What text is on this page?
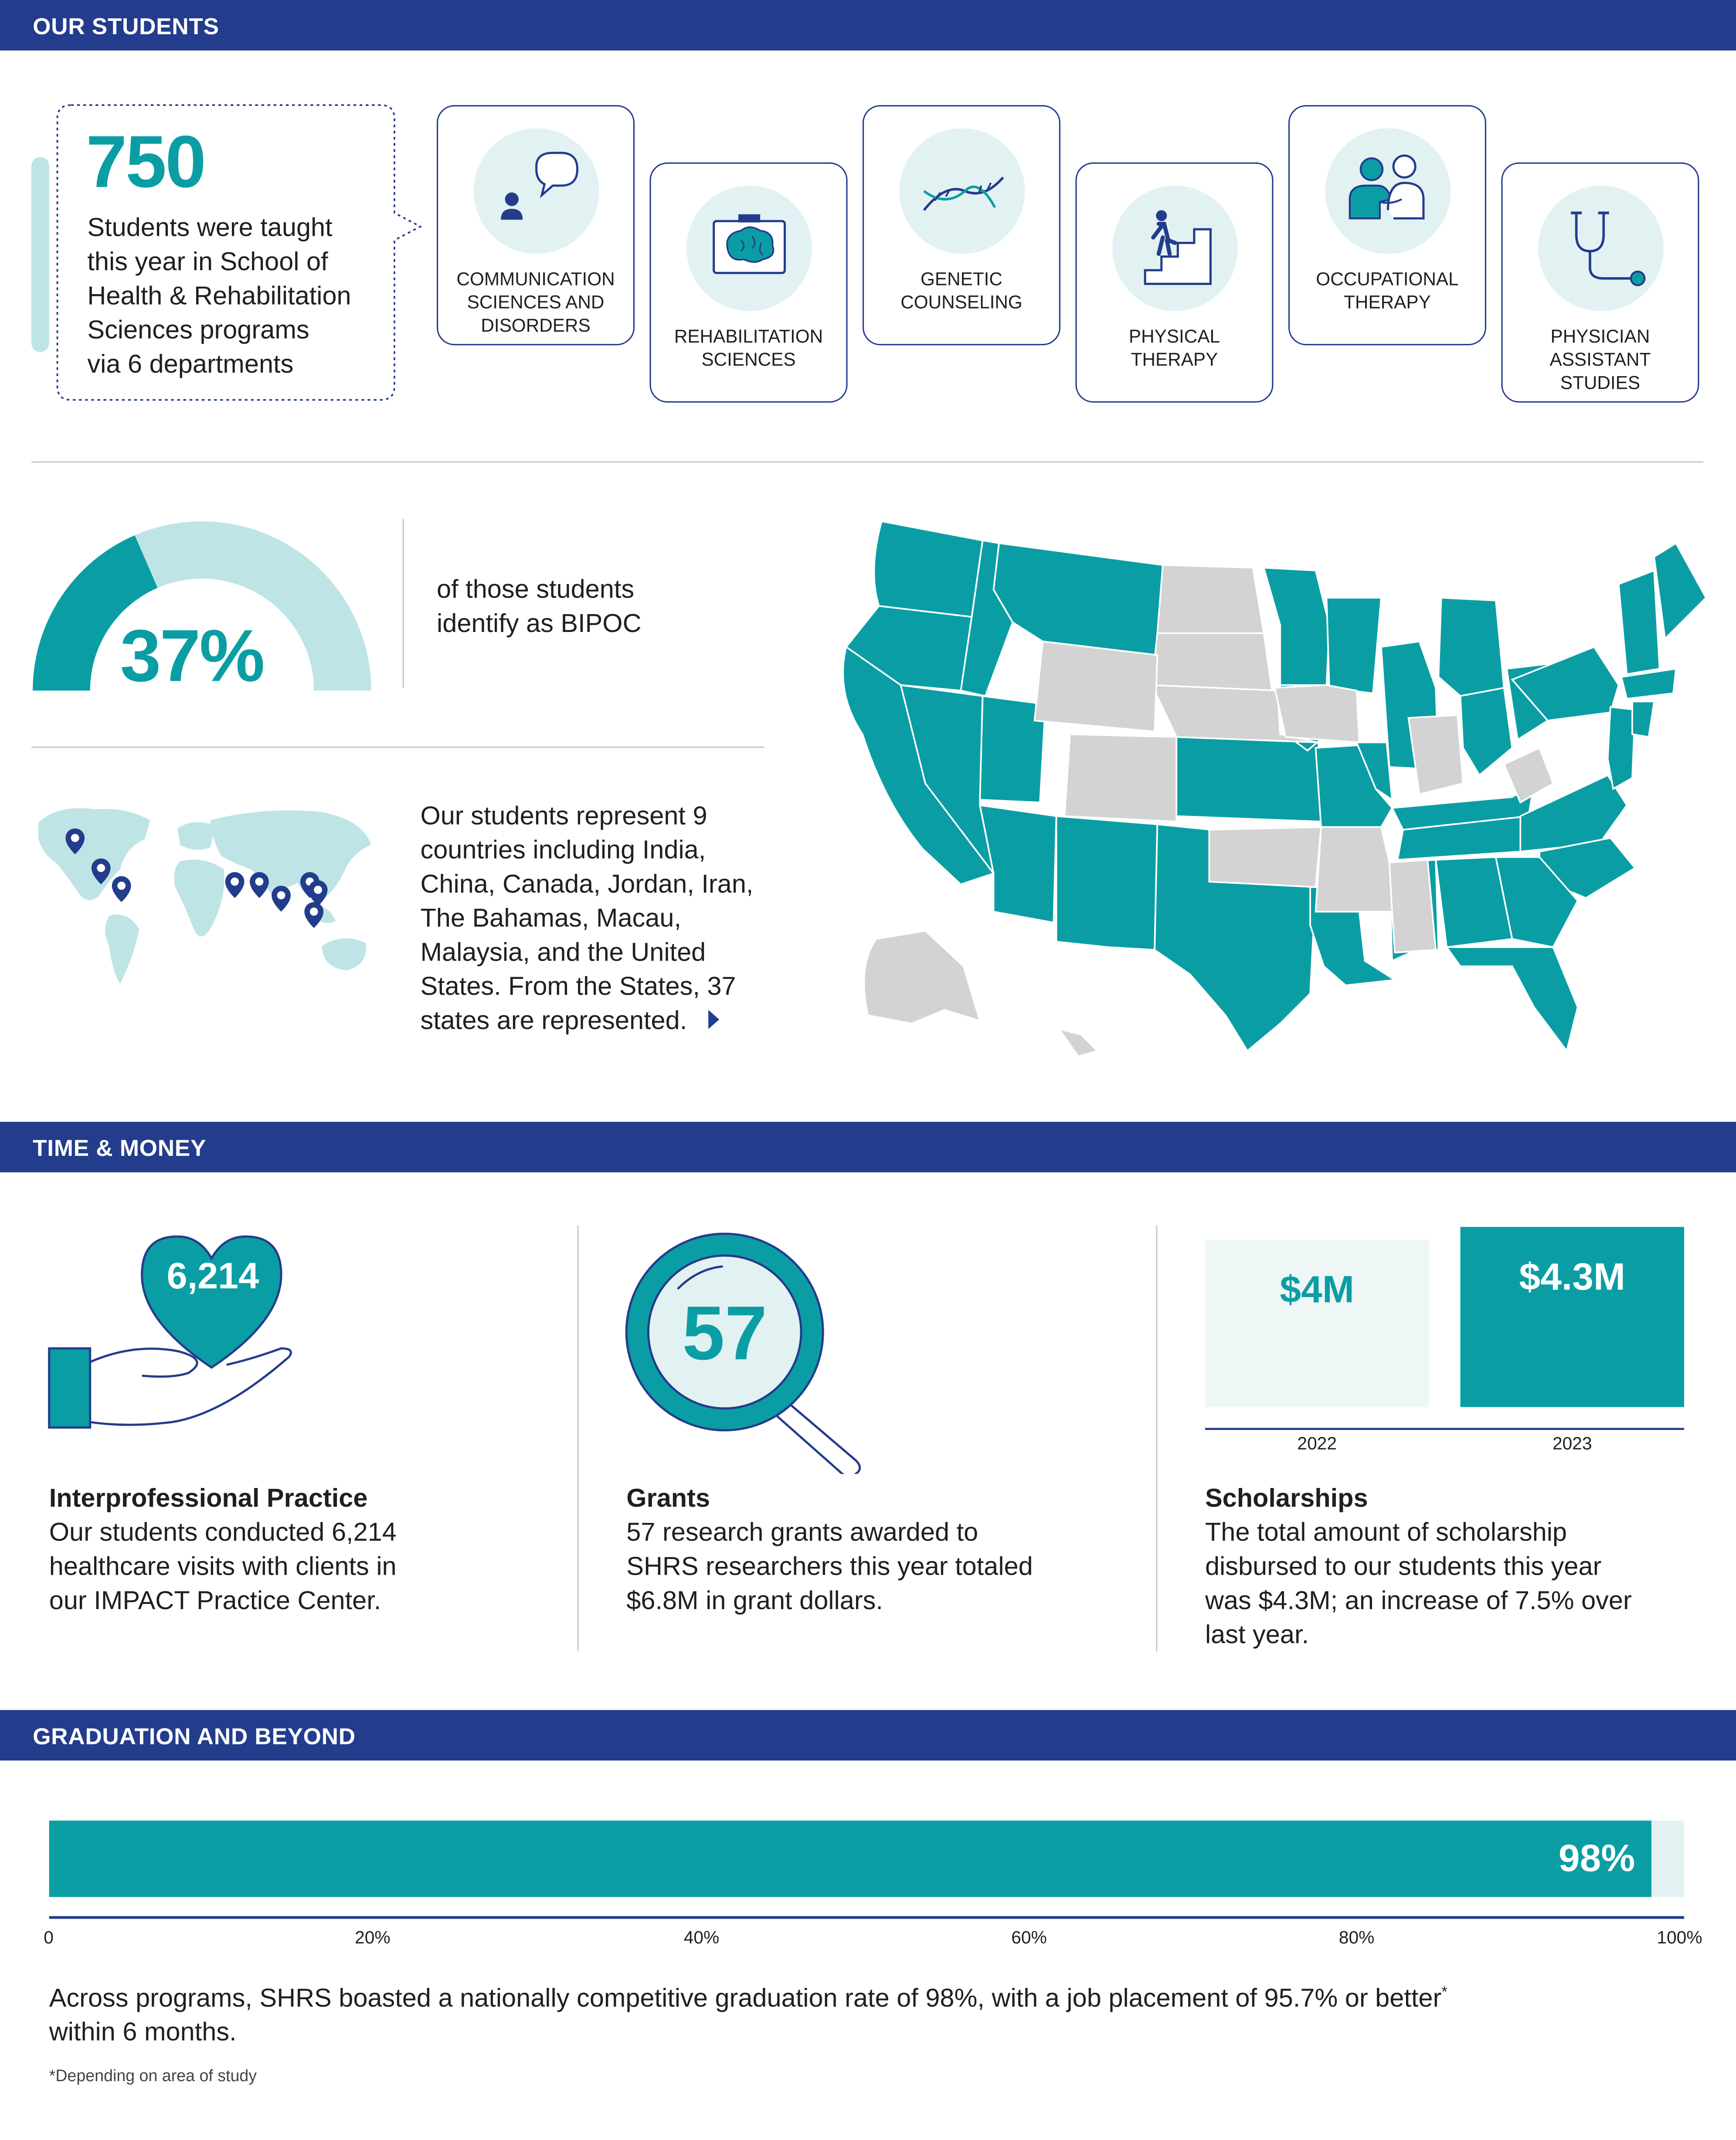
OUR STUDENTS
750
Students were taught
this year in School of
Health & Rehabilitation
Sciences programs
via 6 departments
COMMUNICATION
SCIENCES AND
DISORDERS
REHABILITATION
SCIENCES
GENETIC
COUNSELING
PHYSICAL
THERAPY
OCCUPATIONAL
THERAPY
PHYSICIAN
ASSISTANT
STUDIES
37%
of those students
identify as BIPOC
Our students represent 9
countries including India,
China, Canada, Jordan, Iran,
The Bahamas, Macau,
Malaysia, and the United
States. From the States, 37
states are represented.
TIME & MONEY
6,214
Interprofessional Practice
Our students conducted 6,214
healthcare visits with clients in
our IMPACT Practice Center.
57
Grants
57 research grants awarded to
SHRS researchers this year totaled
$6.8M in grant dollars.
$4M
2022
$4.3M
2023
Scholarships
The total amount of scholarship
disbursed to our students this year
was $4.3M; an increase of 7.5% over
last year.
GRADUATION AND BEYOND
98%
0	20%	40%	60%	80%	100%
Across programs, SHRS boasted a nationally competitive graduation rate of 98%, with a job placement of 95.7% or better*
within 6 months.
*Depending on area of study
